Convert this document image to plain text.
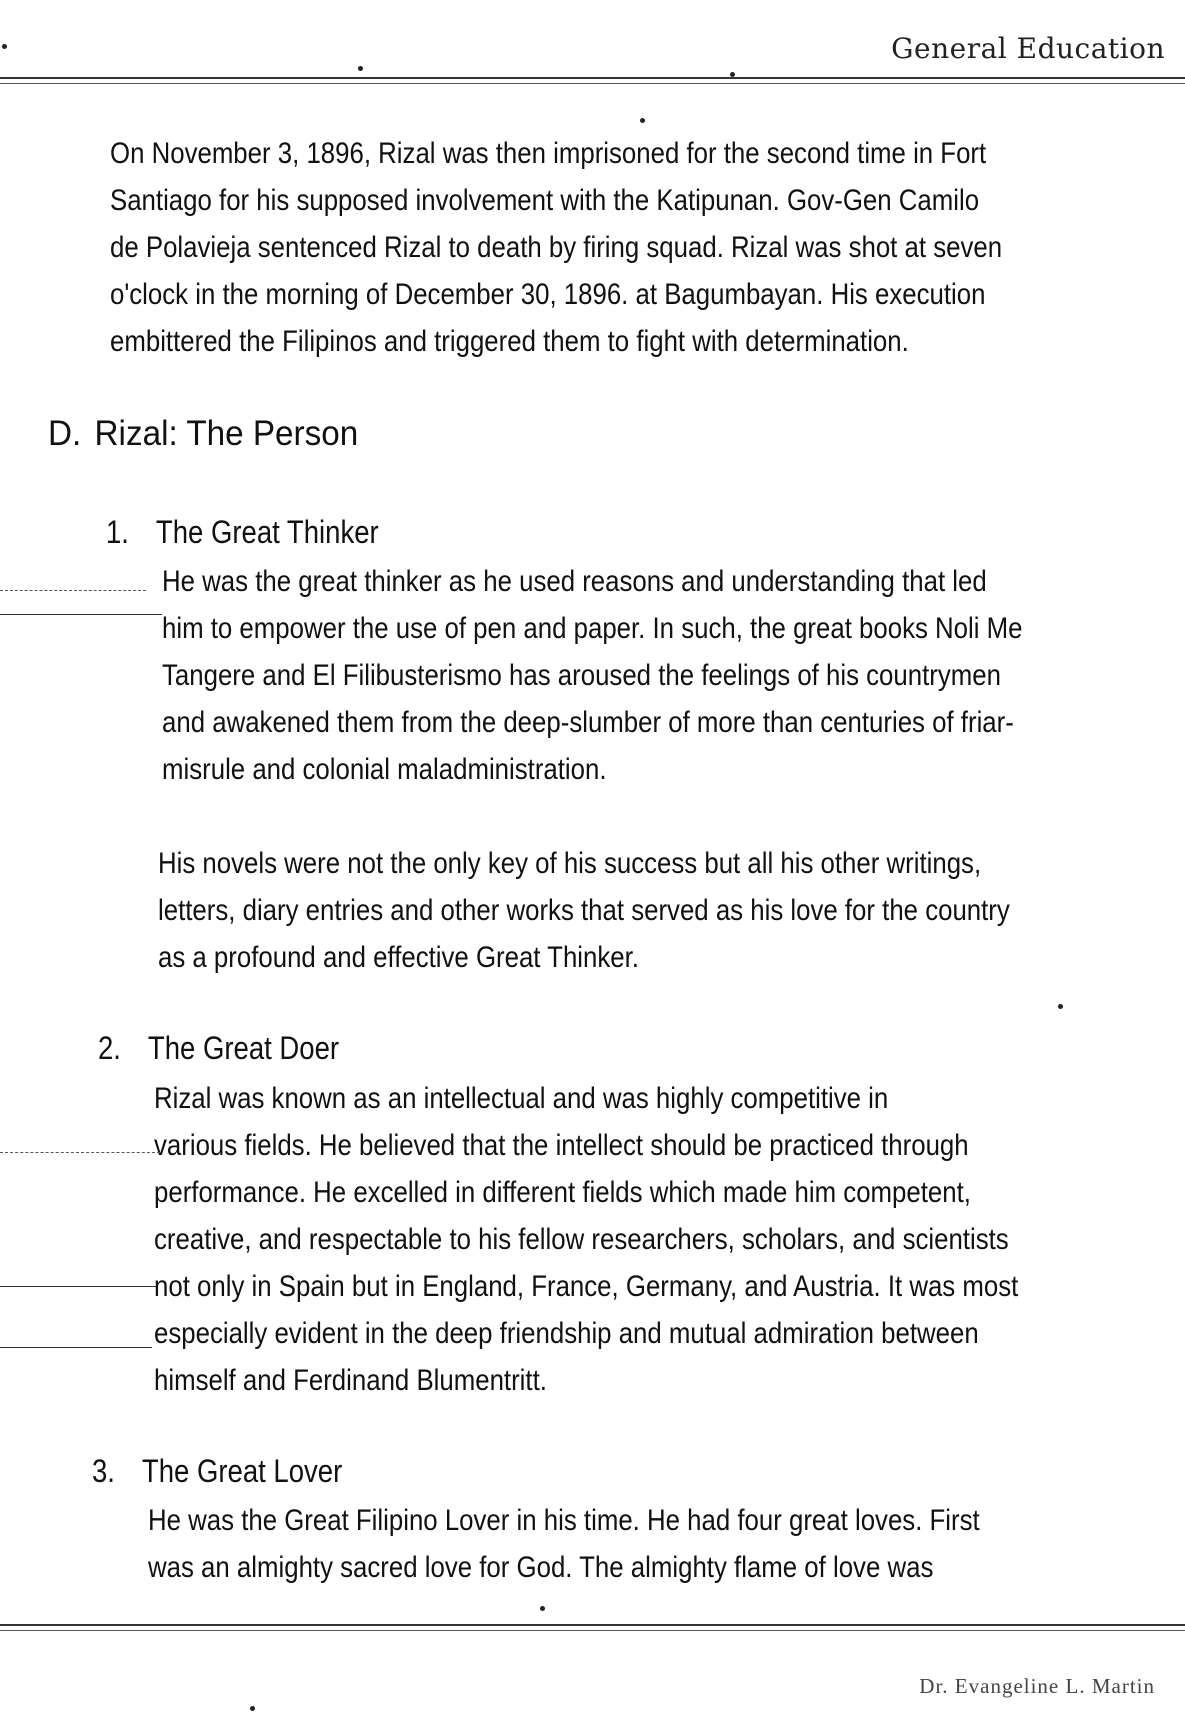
General Education
On November 3, 1896, Rizal was then imprisoned for the second time in Fort
Santiago for his supposed involvement with the Katipunan. Gov-Gen Camilo
de Polavieja sentenced Rizal to death by firing squad. Rizal was shot at seven
o'clock in the morning of December 30, 1896. at Bagumbayan. His execution
embittered the Filipinos and triggered them to fight with determination.
D. Rizal: The Person
1. The Great Thinker
He was the great thinker as he used reasons and understanding that led
him to empower the use of pen and paper. In such, the great books Noli Me
Tangere and El Filibusterismo has aroused the feelings of his countrymen
and awakened them from the deep-slumber of more than centuries of friar-
misrule and colonial maladministration.
His novels were not the only key of his success but all his other writings,
letters, diary entries and other works that served as his love for the country
as a profound and effective Great Thinker.
2. The Great Doer
Rizal was known as an intellectual and was highly competitive in
various fields. He believed that the intellect should be practiced through
performance. He excelled in different fields which made him competent,
creative, and respectable to his fellow researchers, scholars, and scientists
not only in Spain but in England, France, Germany, and Austria. It was most
especially evident in the deep friendship and mutual admiration between
himself and Ferdinand Blumentritt.
3. The Great Lover
He was the Great Filipino Lover in his time. He had four great loves. First
was an almighty sacred love for God. The almighty flame of love was
Dr. Evangeline L. Martin
